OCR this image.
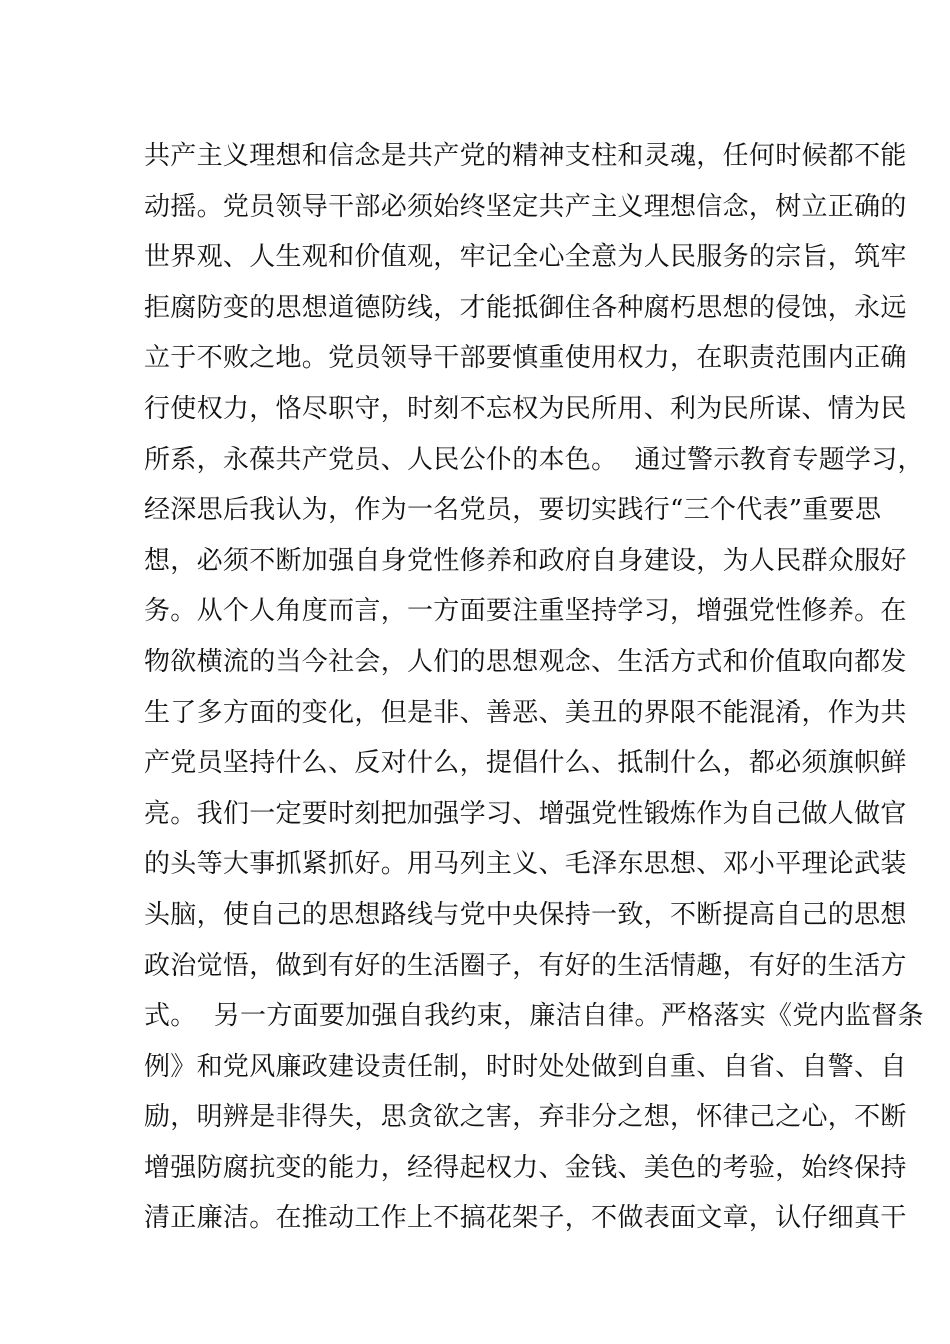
共产主义理想和信念是共产党的精神支柱和灵魂，任何时候都不能
动摇。党员领导干部必须始终坚定共产主义理想信念，树立正确的
世界观、人生观和价值观，牢记全心全意为人民服务的宗旨，筑牢
拒腐防变的思想道德防线，才能抵御住各种腐朽思想的侵蚀，永远
立于不败之地。党员领导干部要慎重使用权力，在职责范围内正确
行使权力，恪尽职守，时刻不忘权为民所用、利为民所谋、情为民
所系，永葆共产党员、人民公仆的本色。  通过警示教育专题学习，
经深思后我认为，作为一名党员，要切实践行“三个代表”重要思
想，必须不断加强自身党性修养和政府自身建设，为人民群众服好
务。从个人角度而言，一方面要注重坚持学习，增强党性修养。在
物欲横流的当今社会，人们的思想观念、生活方式和价值取向都发
生了多方面的变化，但是非、善恶、美丑的界限不能混淆，作为共
产党员坚持什么、反对什么，提倡什么、抵制什么，都必须旗帜鲜
亮。我们一定要时刻把加强学习、增强党性锻炼作为自己做人做官
的头等大事抓紧抓好。用马列主义、毛泽东思想、邓小平理论武装
头脑，使自己的思想路线与党中央保持一致，不断提高自己的思想
政治觉悟，做到有好的生活圈子，有好的生活情趣，有好的生活方
式。  另一方面要加强自我约束，廉洁自律。严格落实《党内监督条
例》和党风廉政建设责任制，时时处处做到自重、自省、自警、自
励，明辨是非得失，思贪欲之害，弃非分之想，怀律己之心，不断
增强防腐抗变的能力，经得起权力、金钱、美色的考验，始终保持
清正廉洁。在推动工作上不搞花架子，不做表面文章，认仔细真干
